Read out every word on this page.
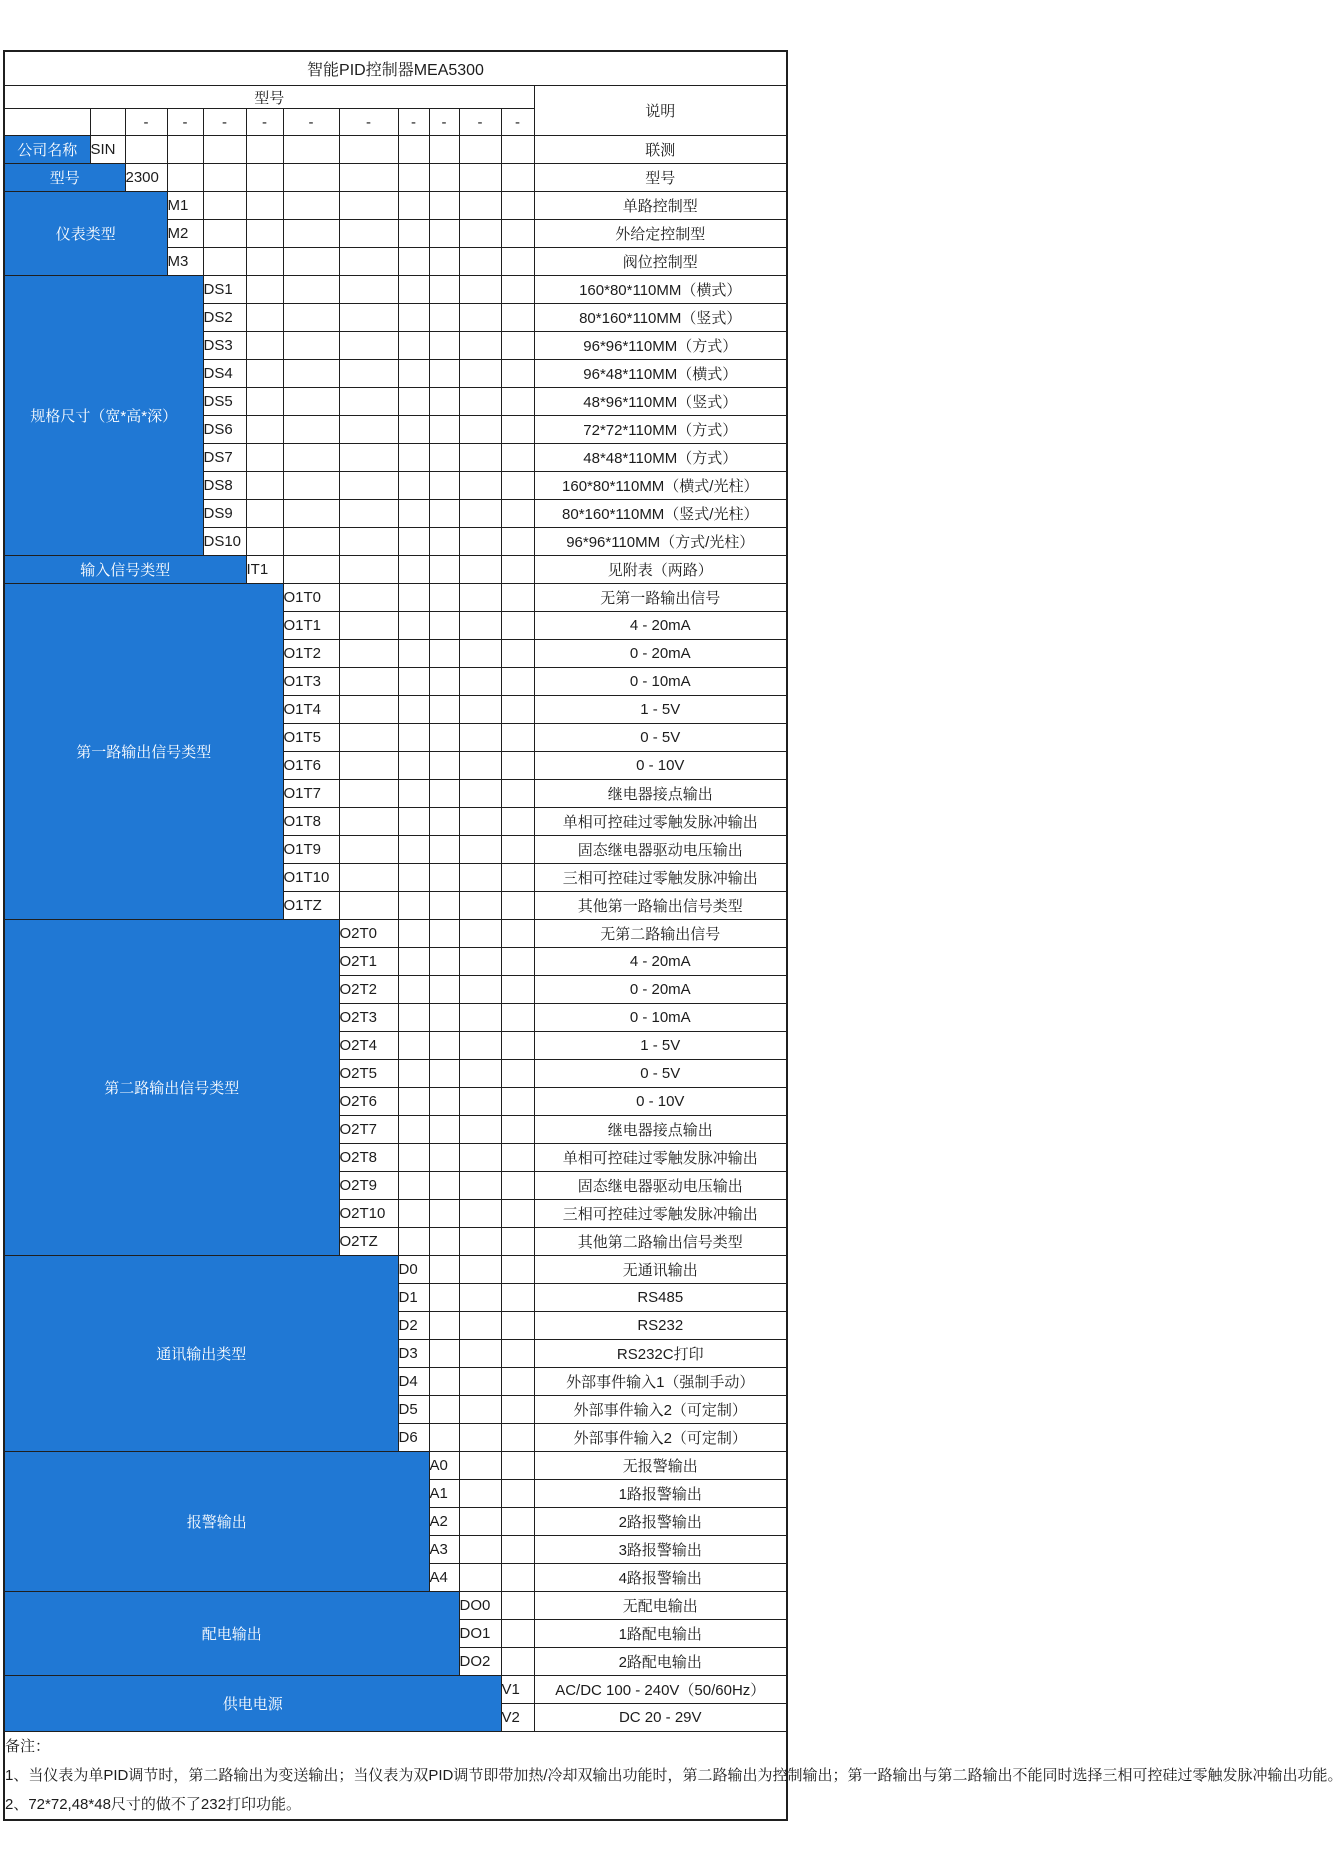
智能PID控制器MEA5300												
型号												说明
		-	-	-	-	-	-	-	-	-	-	
公司名称	SIN											联测
型号		2300										型号
仪表类型			M1									单路控制型
			M2									外给定控制型
			M3									阀位控制型
规格尺寸（宽*高*深）				DS1								160*80*110MM（横式）
				DS2								80*160*110MM（竖式）
				DS3								96*96*110MM（方式）
				DS4								96*48*110MM（横式）
				DS5								48*96*110MM（竖式）
				DS6								72*72*110MM（方式）
				DS7								48*48*110MM（方式）
				DS8								160*80*110MM（横式/光柱）
				DS9								80*160*110MM（竖式/光柱）
				DS10								96*96*110MM（方式/光柱）
输入信号类型					IT1							见附表（两路）
第一路输出信号类型						O1T0						无第一路输出信号
						O1T1						4 - 20mA
						O1T2						0 - 20mA
						O1T3						0 - 10mA
						O1T4						1 - 5V
						O1T5						0 - 5V
						O1T6						0 - 10V
						O1T7						继电器接点输出
						O1T8						单相可控硅过零触发脉冲输出
						O1T9						固态继电器驱动电压输出
						O1T10						三相可控硅过零触发脉冲输出
						O1TZ						其他第一路输出信号类型
第二路输出信号类型							O2T0					无第二路输出信号
							O2T1					4 - 20mA
							O2T2					0 - 20mA
							O2T3					0 - 10mA
							O2T4					1 - 5V
							O2T5					0 - 5V
							O2T6					0 - 10V
							O2T7					继电器接点输出
							O2T8					单相可控硅过零触发脉冲输出
							O2T9					固态继电器驱动电压输出
							O2T10					三相可控硅过零触发脉冲输出
							O2TZ					其他第二路输出信号类型
通讯输出类型								D0				无通讯输出
								D1				RS485
								D2				RS232
								D3				RS232C打印
								D4				外部事件输入1（强制手动）
								D5				外部事件输入2（可定制）
								D6				外部事件输入2（可定制）
报警输出									A0			无报警输出
									A1			1路报警输出
									A2			2路报警输出
									A3			3路报警输出
									A4			4路报警输出
配电输出										DO0		无配电输出
										DO1		1路配电输出
										DO2		2路配电输出
供电电源											V1	AC/DC 100 - 240V（50/60Hz）
											V2	DC 20 - 29V

备注：
1、当仪表为单PID调节时，第二路输出为变送输出；当仪表为双PID调节即带加热/冷却双输出功能时，第二路输出为控制输出；第一路输出与第二路输出不能同时选择三相可控硅过零触发脉冲输出功能。
2、72*72,48*48尺寸的做不了232打印功能。												
